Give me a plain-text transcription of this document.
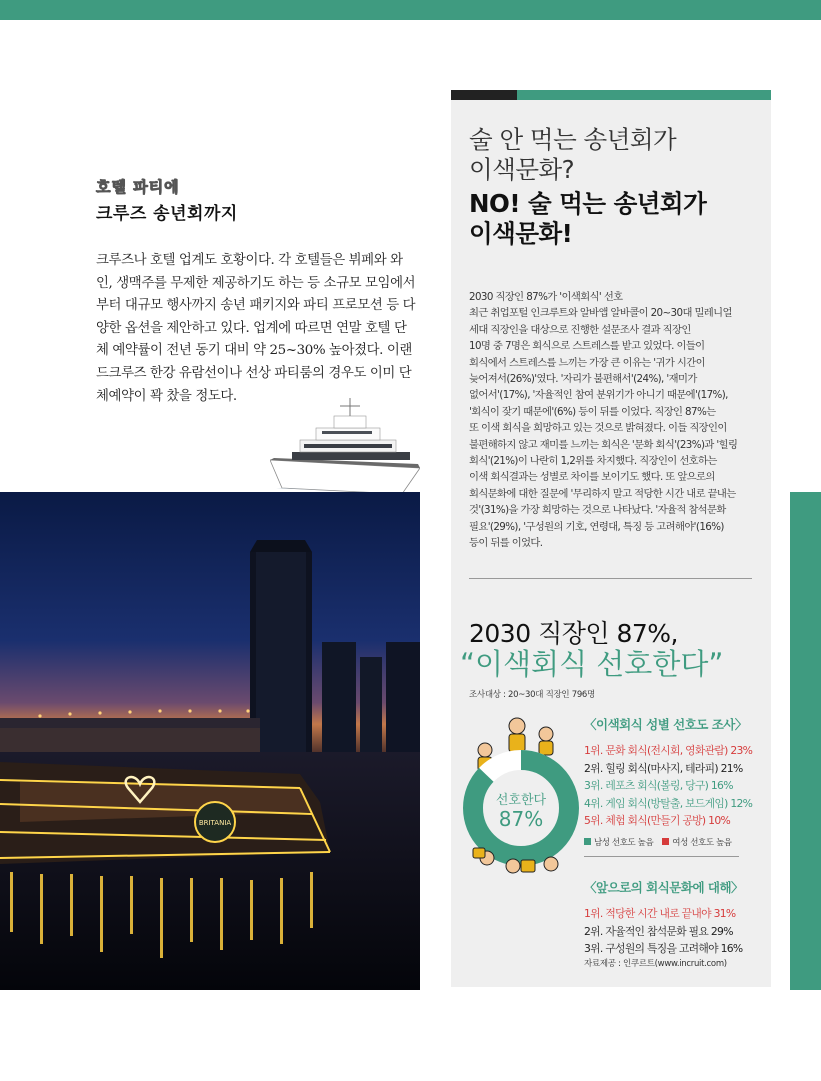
호텔 파티에
크루즈 송년회까지

크루즈나 호텔 업계도 호황이다. 각 호텔들은 뷔페와 와인, 생맥주를 무제한 제공하기도 하는 등 소규모 모임에서부터 대규모 행사까지 송년 패키지와 파티 프로모션 등 다양한 옵션을 제안하고 있다. 업계에 따르면 연말 호텔 단체 예약률이 전년 동기 대비 약 25~30% 높아졌다. 이랜드크루즈 한강 유람선이나 선상 파티룸의 경우도 이미 단체예약이 꽉 찼을 정도다.

BRITANIA
술 안 먹는 송년회가
이색문화?
NO! 술 먹는 송년회가
이색문화!
2030 직장인 87%가 '이색회식' 선호
최근 취업포털 인크루트와 알바앱 알바콜이 20~30대 밀레니얼
세대 직장인을 대상으로 진행한 설문조사 결과 직장인
10명 중 7명은 회식으로 스트레스를 받고 있었다. 이들이
회식에서 스트레스를 느끼는 가장 큰 이유는 '귀가 시간이
늦어져서(26%)'였다. '자리가 불편해서'(24%), '재미가
없어서'(17%), '자율적인 참여 분위기가 아니기 때문에'(17%),
'회식이 잦기 때문에'(6%) 등이 뒤를 이었다. 직장인 87%는
또 이색 회식을 희망하고 있는 것으로 밝혀졌다. 이들 직장인이
불편해하지 않고 재미를 느끼는 회식은 '문화 회식'(23%)과 '힐링
회식'(21%)이 나란히 1,2위를 차지했다. 직장인이 선호하는
이색 회식결과는 성별로 차이를 보이기도 했다. 또 앞으로의
회식문화에 대한 질문에 '무리하지 말고 적당한 시간 내로 끝내는
것'(31%)을 가장 희망하는 것으로 나타났다. '자율적 참석문화
필요'(29%), '구성원의 기호, 연령대, 특징 등 고려해야'(16%)
등이 뒤를 이었다.
2030 직장인 87%,
“이색회식 선호한다”
조사대상 : 20~30대 직장인 796명
선호한다
87%
〈이색회식 성별 선호도 조사〉
1위. 문화 회식(전시회, 영화관람) 23%
2위. 힐링 회식(마사지, 테라피) 21%
3위. 레포츠 회식(볼링, 당구) 16%
4위. 게임 회식(방탈출, 보드게임) 12%
5위. 체험 회식(만들기 공방) 10%
남성 선호도 높음 여성 선호도 높음
〈앞으로의 회식문화에 대해〉
1위. 적당한 시간 내로 끝내야 31%
2위. 자율적인 참석문화 필요 29%
3위. 구성원의 특징을 고려해야 16%
자료제공 : 인쿠르트(www.incruit.com)
